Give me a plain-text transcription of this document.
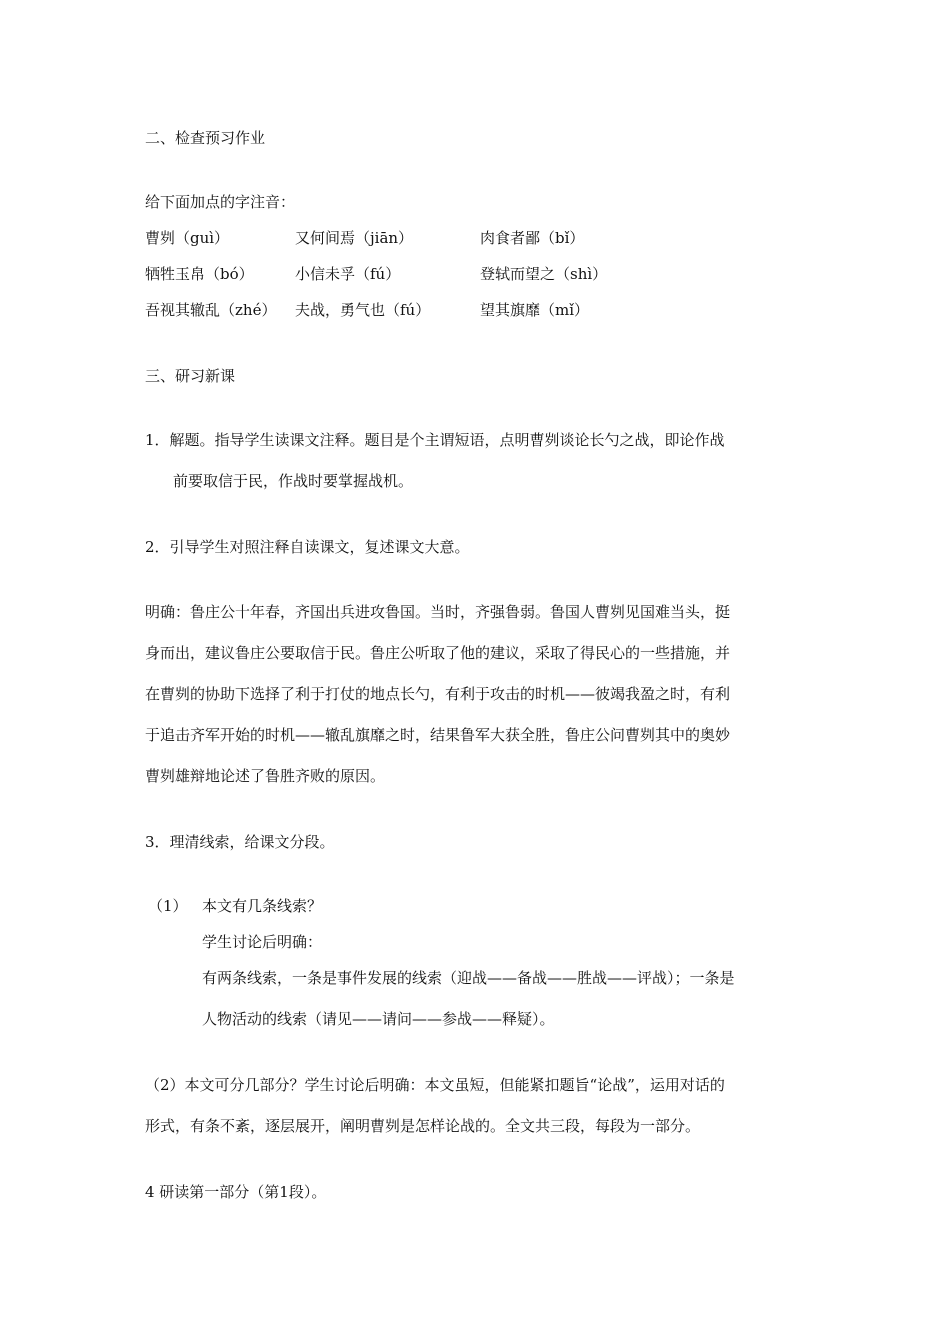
二、检查预习作业
给下面加点的字注音：
曹刿（guì）	又何间焉（jiān）	肉食者鄙（bǐ）
牺牲玉帛（bó）	小信未孚（fú）	登轼而望之（shì）
吾视其辙乱（zhé） 夫战，勇气也（fú）	望其旗靡（mǐ）
三、研习新课
1．解题。指导学生读课文注释。题目是个主谓短语，点明曹刿谈论长勺之战，即论作战
前要取信于民，作战时要掌握战机。
2．引导学生对照注释自读课文，复述课文大意。
明确：鲁庄公十年春，齐国出兵进攻鲁国。当时，齐强鲁弱。鲁国人曹刿见国难当头，挺
身而出，建议鲁庄公要取信于民。鲁庄公听取了他的建议，采取了得民心的一些措施，并
在曹刿的协助下选择了利于打仗的地点长勺，有利于攻击的时机——彼竭我盈之时，有利
于追击齐军开始的时机——辙乱旗靡之时，结果鲁军大获全胜，鲁庄公问曹刿其中的奥妙
曹刿雄辩地论述了鲁胜齐败的原因。
3．理清线索，给课文分段。
（1） 本文有几条线索？
学生讨论后明确：
有两条线索，一条是事件发展的线索（迎战——备战——胜战——评战）；一条是
人物活动的线索（请见——请问——参战——释疑）。
（2）本文可分几部分？学生讨论后明确：本文虽短，但能紧扣题旨“论战”，运用对话的
形式，有条不紊，逐层展开，阐明曹刿是怎样论战的。全文共三段，每段为一部分。
4 研读第一部分（第1段）。
